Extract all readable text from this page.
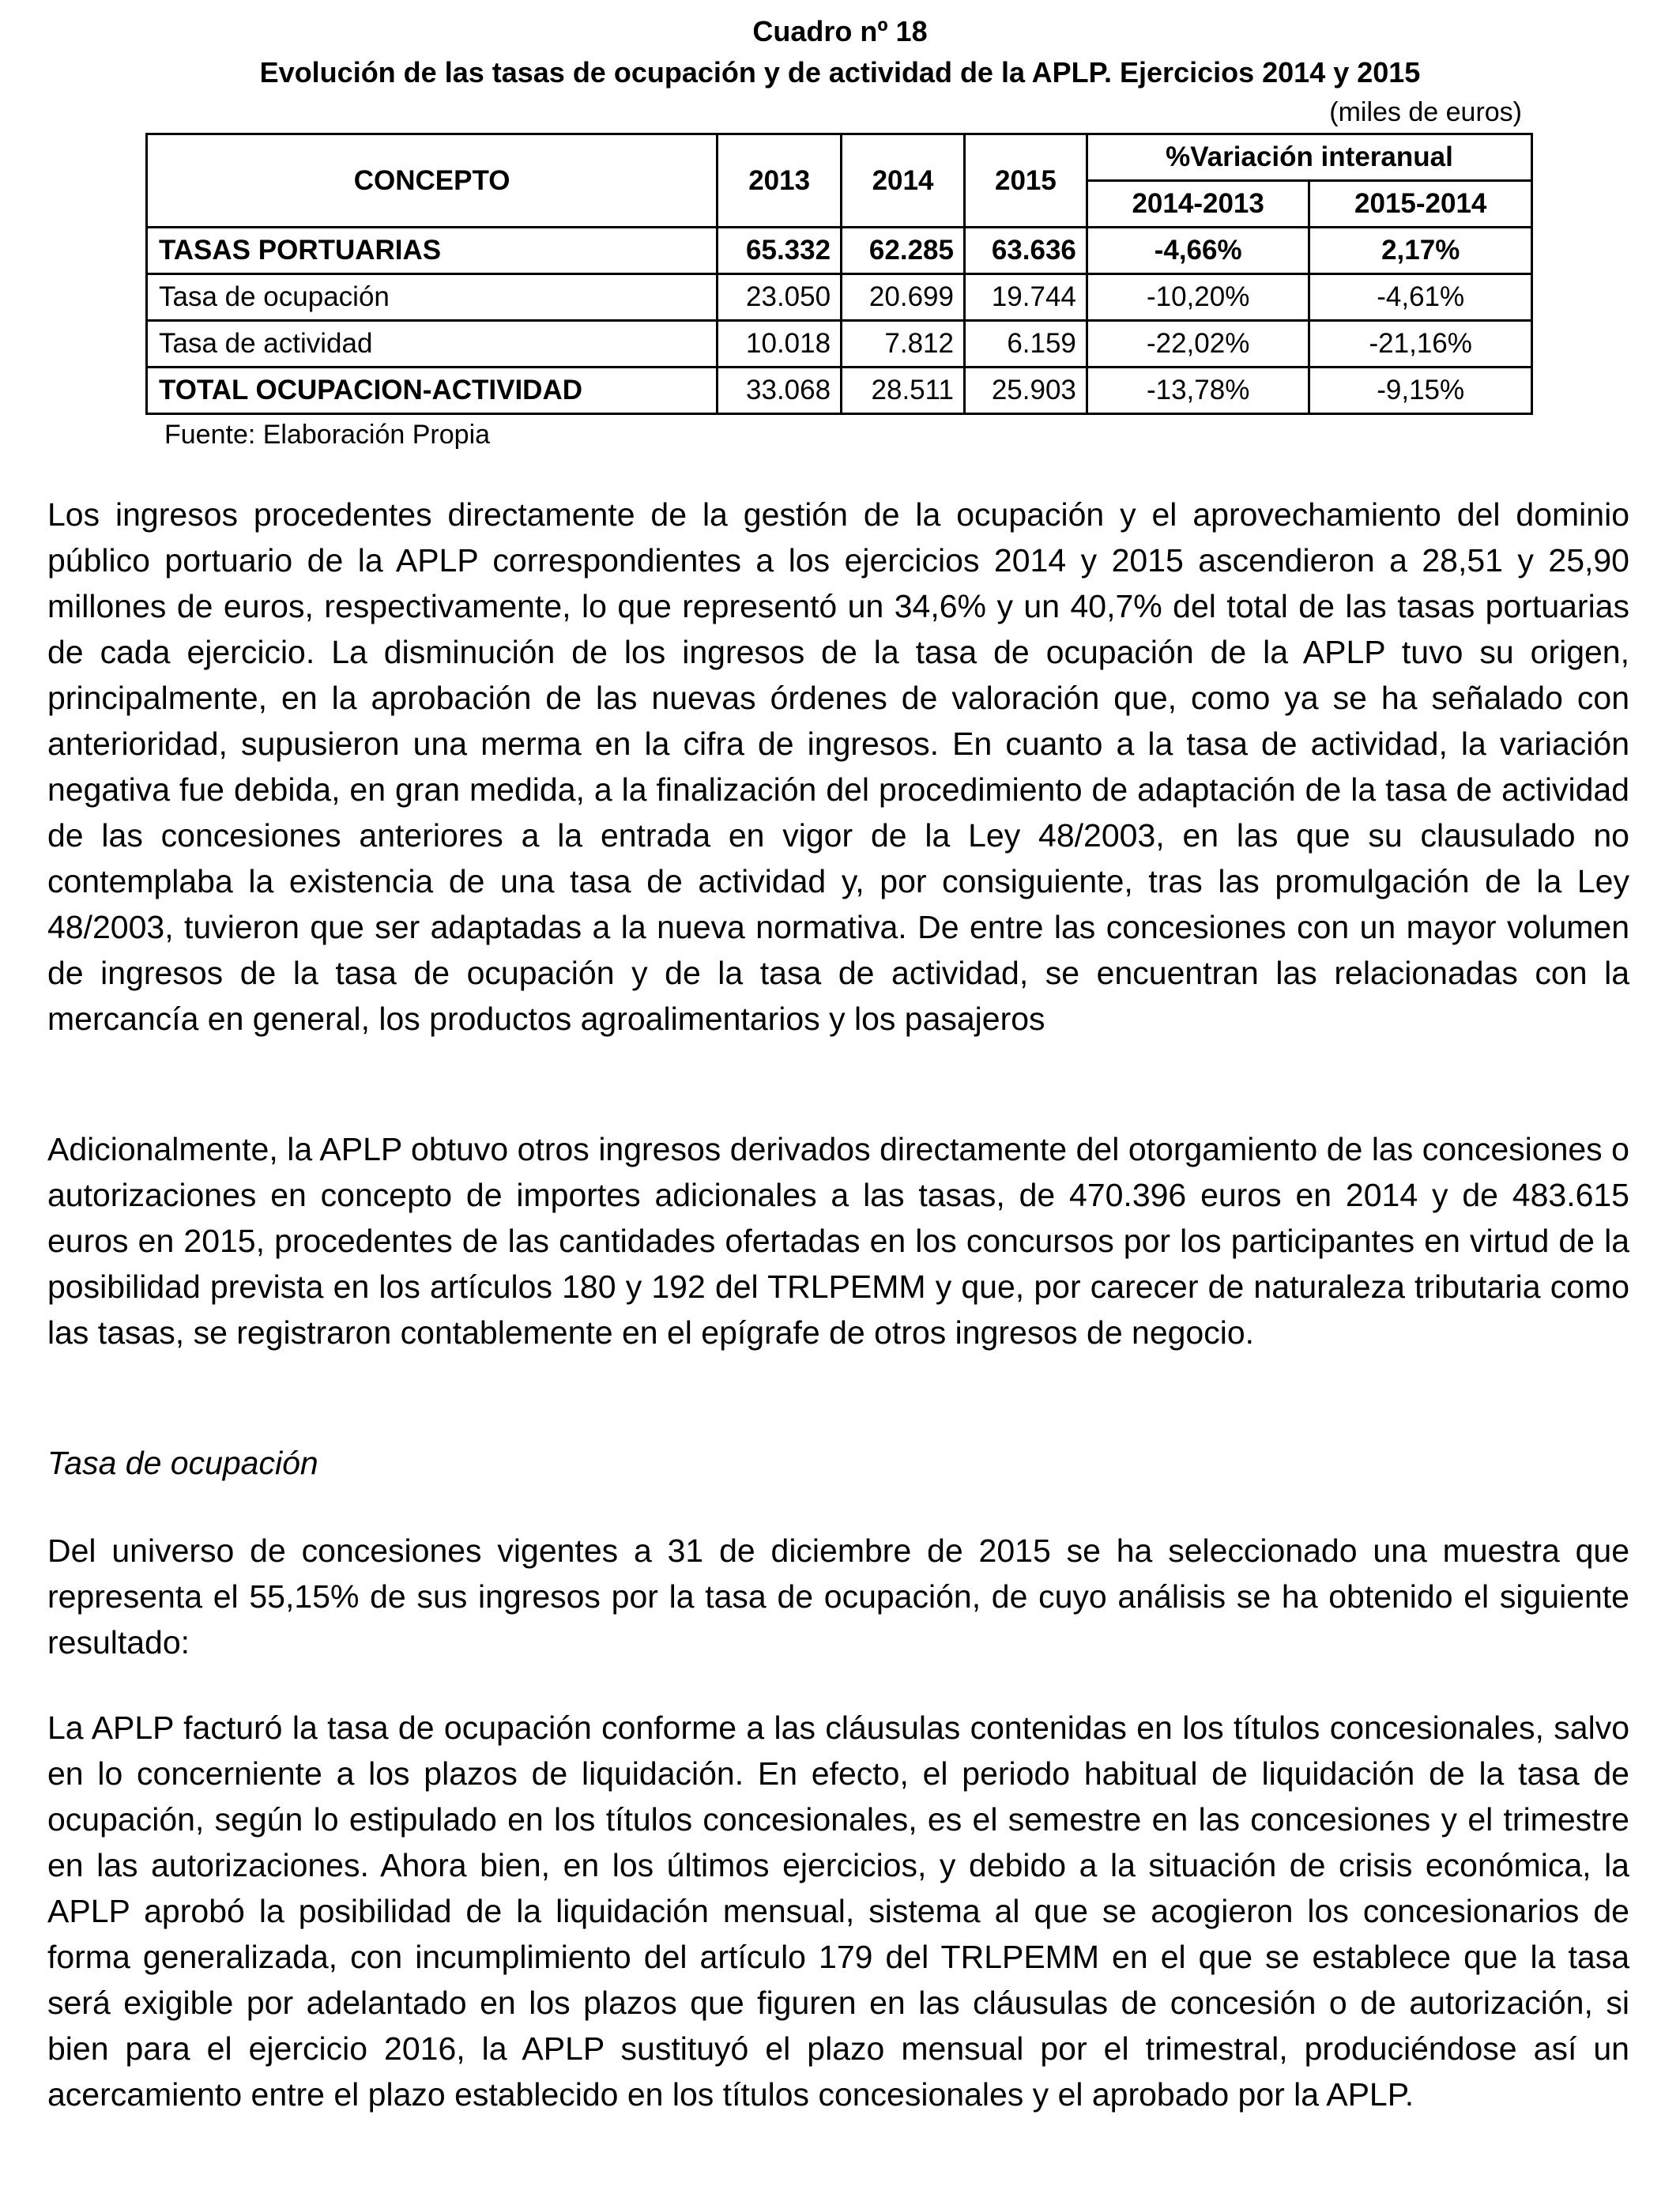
Cuadro nº 18
Evolución de las tasas de ocupación y de actividad de la APLP. Ejercicios 2014 y 2015
(miles de euros)
CONCEPTO	2013	2014	2015	%Variación interanual	
				2014-2013	2015-2014
TASAS PORTUARIAS	65.332	62.285	63.636	-4,66%	2,17%
Tasa de ocupación	23.050	20.699	19.744	-10,20%	-4,61%
Tasa de actividad	10.018	7.812	6.159	-22,02%	-21,16%
TOTAL OCUPACION-ACTIVIDAD	33.068	28.511	25.903	-13,78%	-9,15%
Fuente: Elaboración Propia

Los ingresos procedentes directamente de la gestión de la ocupación y el aprovechamiento del dominio público portuario de la APLP correspondientes a los ejercicios 2014 y 2015 ascendieron a 28,51 y 25,90 millones de euros, respectivamente, lo que representó un 34,6% y un 40,7% del total de las tasas portuarias de cada ejercicio. La disminución de los ingresos de la tasa de ocupación de la APLP tuvo su origen, principalmente, en la aprobación de las nuevas órdenes de valoración que, como ya se ha señalado con anterioridad, supusieron una merma en la cifra de ingresos. En cuanto a la tasa de actividad, la variación negativa fue debida, en gran medida, a la finalización del procedimiento de adaptación de la tasa de actividad de las concesiones anteriores a la entrada en vigor de la Ley 48/2003, en las que su clausulado no contemplaba la existencia de una tasa de actividad y, por consiguiente, tras las promulgación de la Ley 48/2003, tuvieron que ser adaptadas a la nueva normativa. De entre las concesiones con un mayor volumen de ingresos de la tasa de ocupación y de la tasa de actividad, se encuentran las relacionadas con la mercancía en general, los productos agroalimentarios y los pasajeros

Adicionalmente, la APLP obtuvo otros ingresos derivados directamente del otorgamiento de las concesiones o autorizaciones en concepto de importes adicionales a las tasas, de 470.396 euros en 2014 y de 483.615 euros en 2015, procedentes de las cantidades ofertadas en los concursos por los participantes en virtud de la posibilidad prevista en los artículos 180 y 192 del TRLPEMM y que, por carecer de naturaleza tributaria como las tasas, se registraron contablemente en el epígrafe de otros ingresos de negocio.

Tasa de ocupación

Del universo de concesiones vigentes a 31 de diciembre de 2015 se ha seleccionado una muestra que representa el 55,15% de sus ingresos por la tasa de ocupación, de cuyo análisis se ha obtenido el siguiente resultado:

La APLP facturó la tasa de ocupación conforme a las cláusulas contenidas en los títulos concesionales, salvo en lo concerniente a los plazos de liquidación. En efecto, el periodo habitual de liquidación de la tasa de ocupación, según lo estipulado en los títulos concesionales, es el semestre en las concesiones y el trimestre en las autorizaciones. Ahora bien, en los últimos ejercicios, y debido a la situación de crisis económica, la APLP aprobó la posibilidad de la liquidación mensual, sistema al que se acogieron los concesionarios de forma generalizada, con incumplimiento del artículo 179 del TRLPEMM en el que se establece que la tasa será exigible por adelantado en los plazos que figuren en las cláusulas de concesión o de autorización, si bien para el ejercicio 2016, la APLP sustituyó el plazo mensual por el trimestral, produciéndose así un acercamiento entre el plazo establecido en los títulos concesionales y el aprobado por la APLP.
